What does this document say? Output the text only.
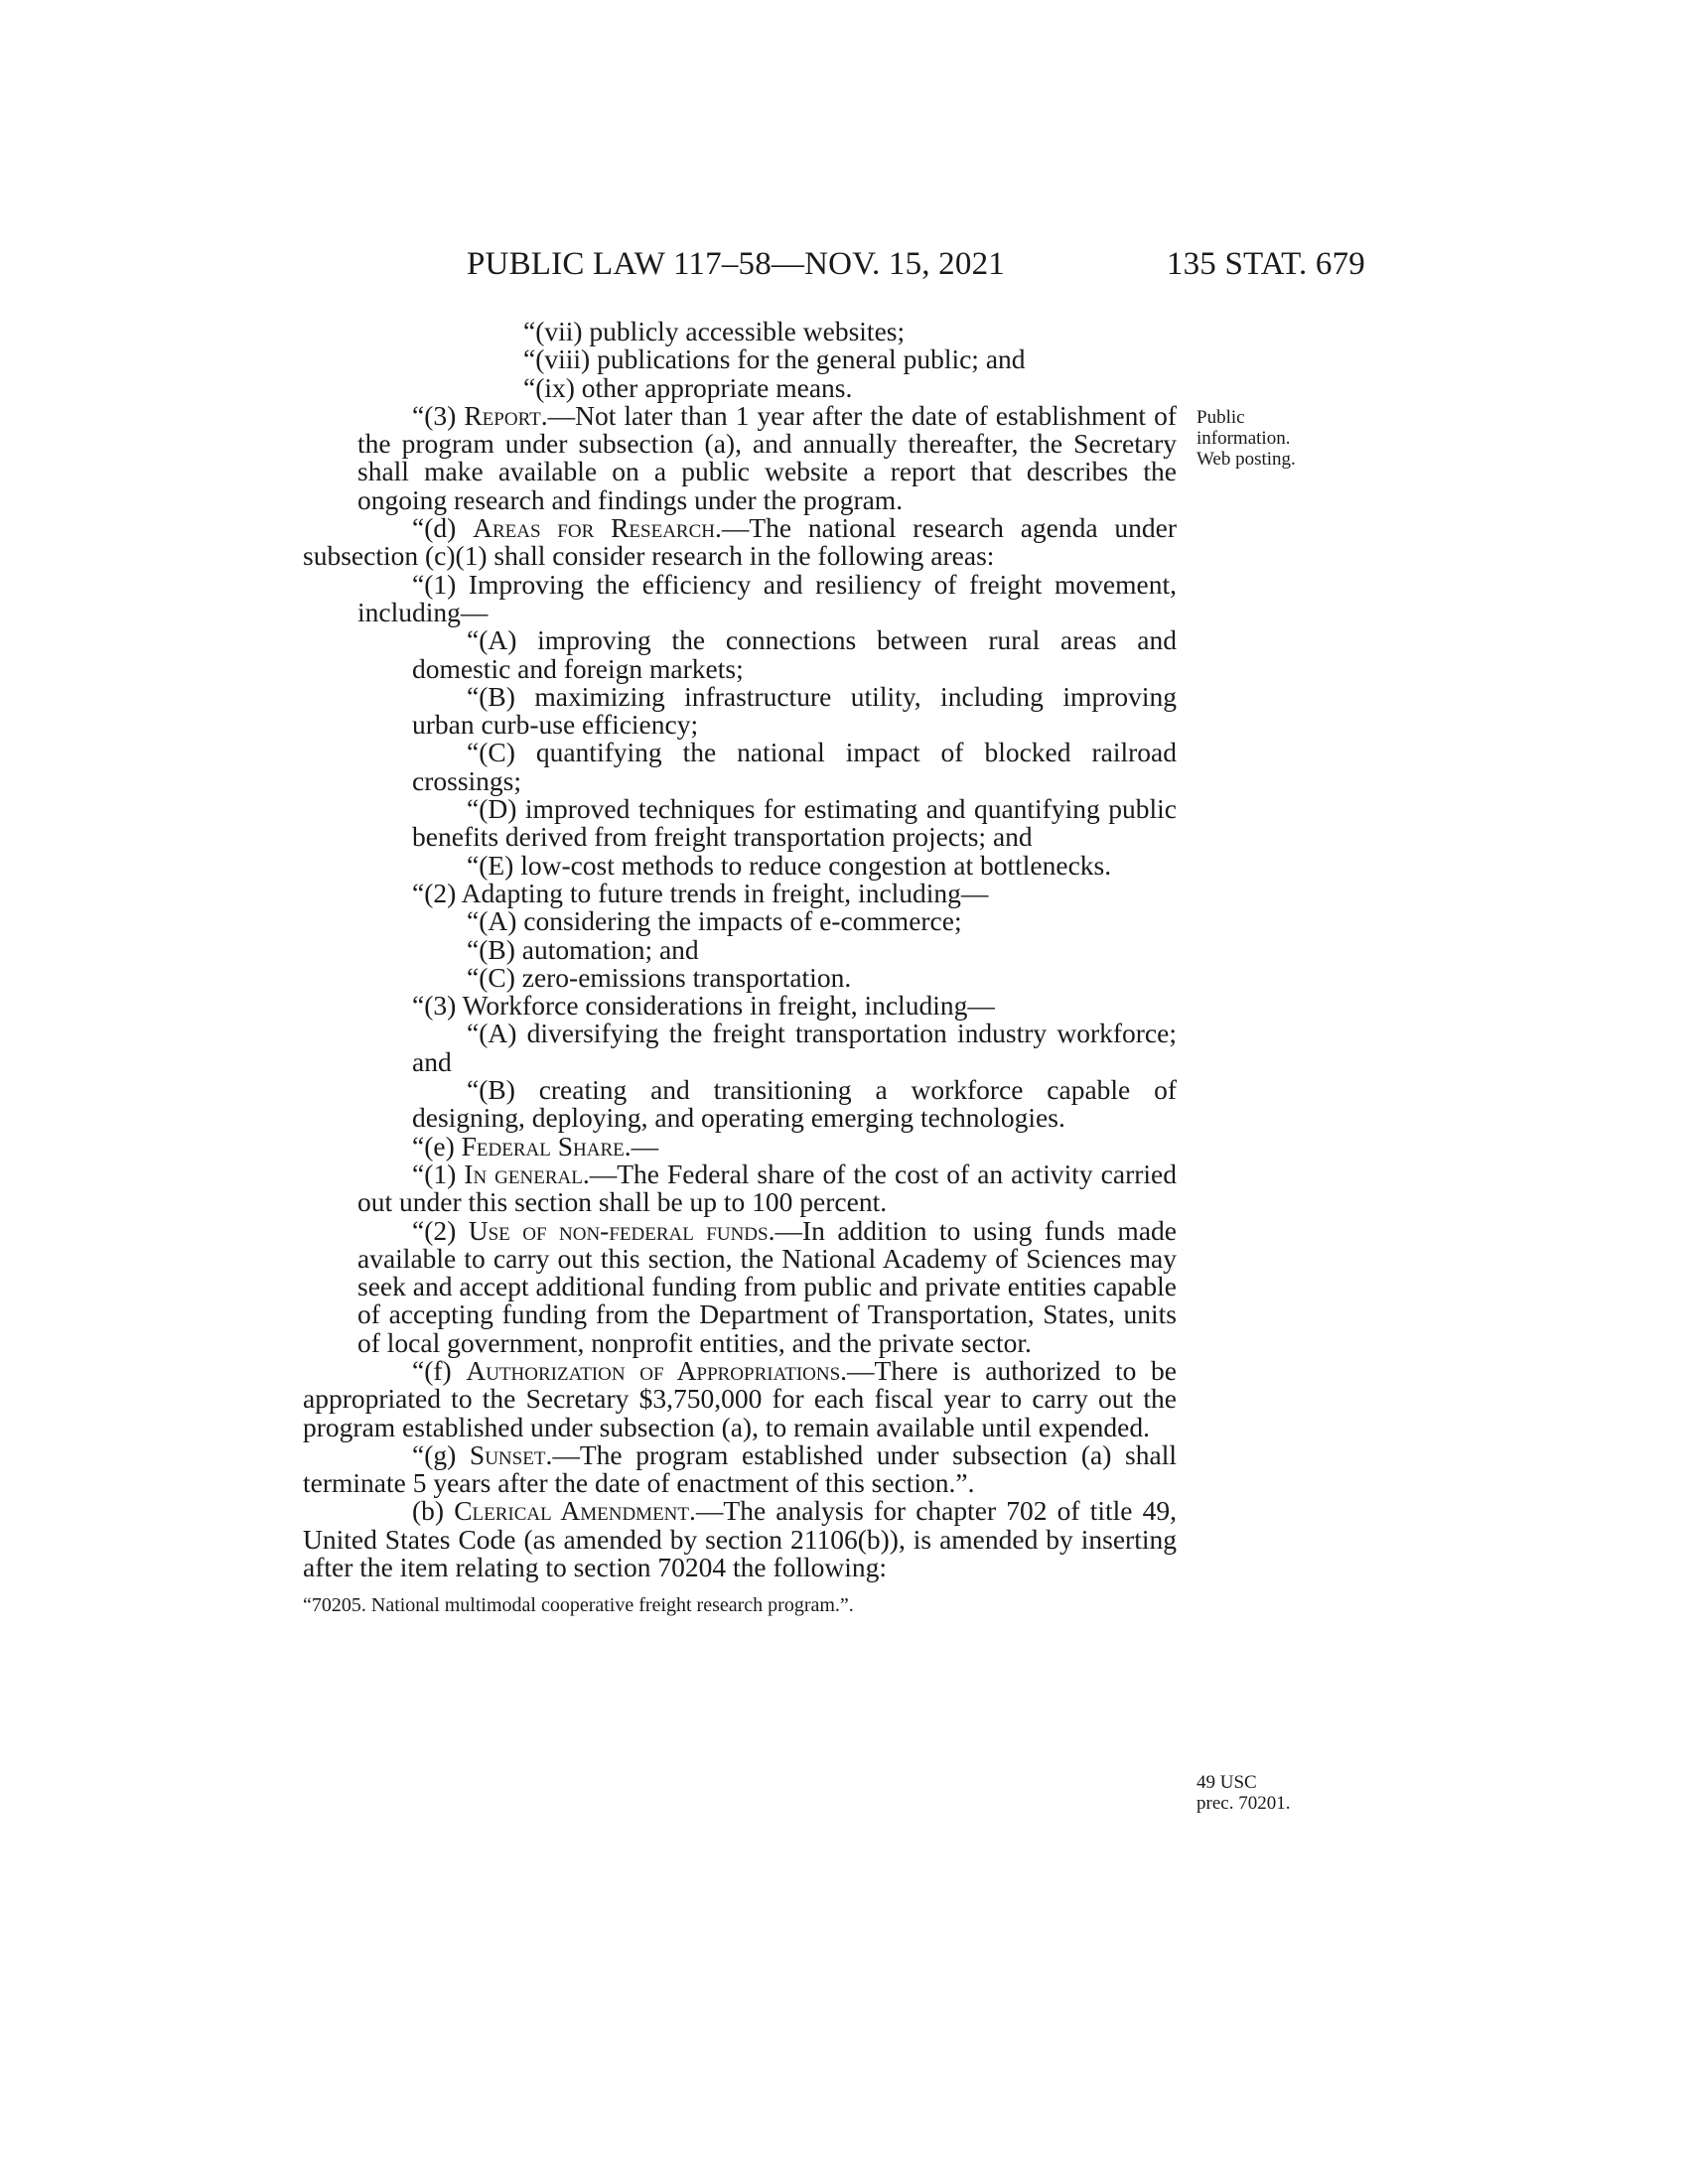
PUBLIC LAW 117–58—NOV. 15, 2021	135 STAT. 679

“(vii) publicly accessible websites;

“(viii) publications for the general public; and

“(ix) other appropriate means.

“(3) Report.—Not later than 1 year after the date of establishment of the program under subsection (a), and annually thereafter, the Secretary shall make available on a public website a report that describes the ongoing research and findings under the program.

“(d) Areas for Research.—The national research agenda under subsection (c)(1) shall consider research in the following areas:

“(1) Improving the efficiency and resiliency of freight movement, including—

“(A) improving the connections between rural areas and domestic and foreign markets;

“(B) maximizing infrastructure utility, including improving urban curb-use efficiency;

“(C) quantifying the national impact of blocked railroad crossings;

“(D) improved techniques for estimating and quantifying public benefits derived from freight transportation projects; and

“(E) low-cost methods to reduce congestion at bottlenecks.

“(2) Adapting to future trends in freight, including—

“(A) considering the impacts of e-commerce;

“(B) automation; and

“(C) zero-emissions transportation.

“(3) Workforce considerations in freight, including—

“(A) diversifying the freight transportation industry workforce; and

“(B) creating and transitioning a workforce capable of designing, deploying, and operating emerging technologies.

“(e) Federal Share.—

“(1) In general.—The Federal share of the cost of an activity carried out under this section shall be up to 100 percent.

“(2) Use of non-federal funds.—In addition to using funds made available to carry out this section, the National Academy of Sciences may seek and accept additional funding from public and private entities capable of accepting funding from the Department of Transportation, States, units of local government, nonprofit entities, and the private sector.

“(f) Authorization of Appropriations.—There is authorized to be appropriated to the Secretary $3,750,000 for each fiscal year to carry out the program established under subsection (a), to remain available until expended.

“(g) Sunset.—The program established under subsection (a) shall terminate 5 years after the date of enactment of this section.”.

(b) Clerical Amendment.—The analysis for chapter 702 of title 49, United States Code (as amended by section 21106(b)), is amended by inserting after the item relating to section 70204 the following:

“70205. National multimodal cooperative freight research program.”.

Public
information.
Web posting.
49 USC
prec. 70201.
